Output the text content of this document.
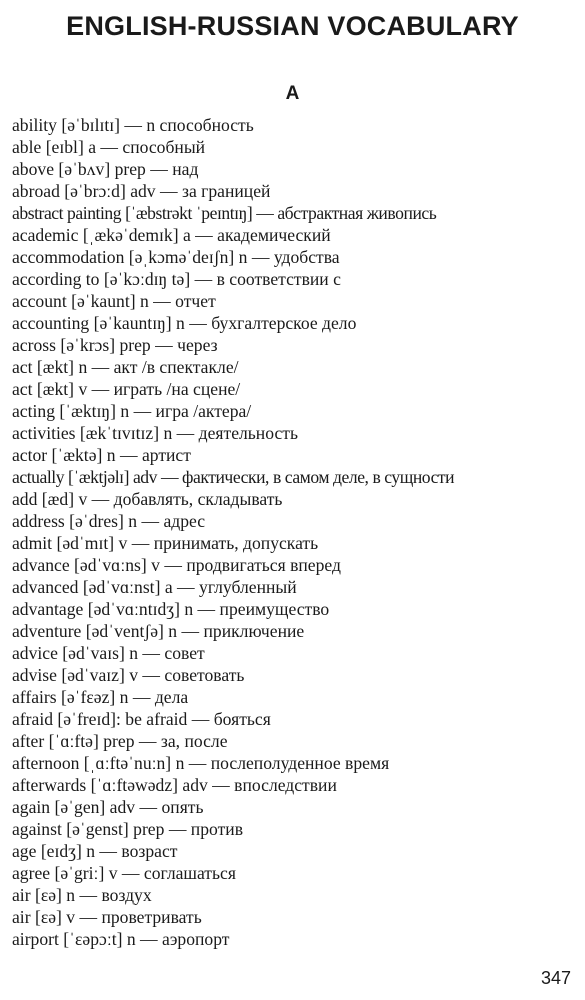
ENGLISH-RUSSIAN VOCABULARY
A
ability [əˈbɪlɪtɪ] — n способность
able [eɪbl] a — способный
above [əˈbʌv] prep — над
abroad [əˈbrɔːd] adv — за границей
abstract painting [ˈæbstrəkt ˈpeɪntɪŋ] — абстрактная живопись
academic [ˌækəˈdemɪk] a — академический
accommodation [əˌkɔməˈdeɪʃn] n — удобства
according to [əˈkɔːdɪŋ tə] — в соответствии с
account [əˈkaunt] n — отчет
accounting [əˈkauntɪŋ] n — бухгалтерское дело
across [əˈkrɔs] prep — через
act [ækt] n — акт /в спектакле/
act [ækt] v — играть /на сцене/
acting [ˈæktɪŋ] n — игра /актера/
activities [ækˈtɪvɪtɪz] n — деятельность
actor [ˈæktə] n — артист
actually [ˈæktjəlɪ] adv — фактически, в самом деле, в сущности
add [æd] v — добавлять, складывать
address [əˈdres] n — адрес
admit [ədˈmɪt] v — принимать, допускать
advance [ədˈvɑːns] v — продвигаться вперед
advanced [ədˈvɑːnst] a — углубленный
advantage [ədˈvɑːntɪdʒ] n — преимущество
adventure [ədˈventʃə] n — приключение
advice [ədˈvaɪs] n — совет
advise [ədˈvaɪz] v — советовать
affairs [əˈfɛəz] n — дела
afraid [əˈfreɪd]: be afraid — бояться
after [ˈɑːftə] prep — за, после
afternoon [ˌɑːftəˈnuːn] n — послеполуденное время
afterwards [ˈɑːftəwədz] adv — впоследствии
again [əˈgen] adv — опять
against [əˈgenst] prep — против
age [eɪdʒ] n — возраст
agree [əˈgriː] v — соглашаться
air [ɛə] n — воздух
air [ɛə] v — проветривать
airport [ˈɛəpɔːt] n — аэропорт
347
